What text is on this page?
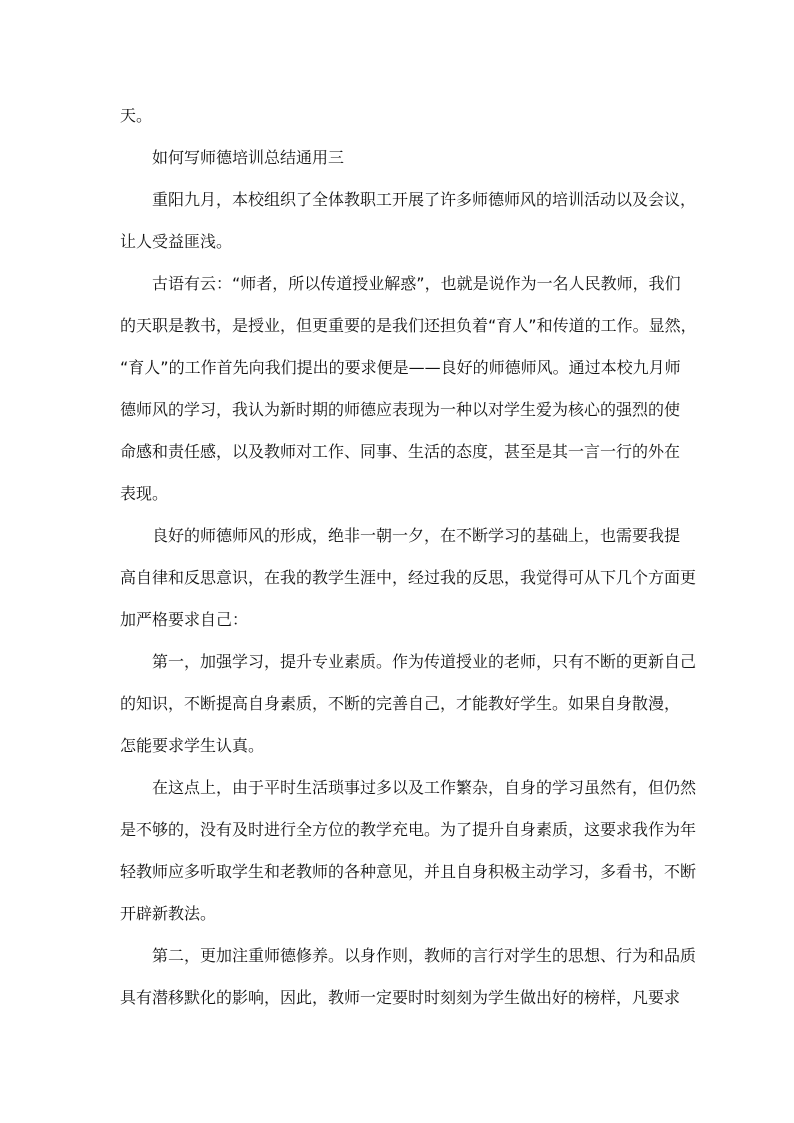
天。
如何写师德培训总结通用三
重阳九月，本校组织了全体教职工开展了许多师德师风的培训活动以及会议，
让人受益匪浅。
古语有云：“师者，所以传道授业解惑”，也就是说作为一名人民教师，我们
的天职是教书，是授业，但更重要的是我们还担负着“育人”和传道的工作。显然，
“育人”的工作首先向我们提出的要求便是——良好的师德师风。通过本校九月师
德师风的学习，我认为新时期的师德应表现为一种以对学生爱为核心的强烈的使
命感和责任感，以及教师对工作、同事、生活的态度，甚至是其一言一行的外在
表现。
良好的师德师风的形成，绝非一朝一夕，在不断学习的基础上，也需要我提
高自律和反思意识，在我的教学生涯中，经过我的反思，我觉得可从下几个方面更
加严格要求自己：
第一，加强学习，提升专业素质。作为传道授业的老师，只有不断的更新自己
的知识，不断提高自身素质，不断的完善自己，才能教好学生。如果自身散漫，
怎能要求学生认真。
在这点上，由于平时生活琐事过多以及工作繁杂，自身的学习虽然有，但仍然
是不够的，没有及时进行全方位的教学充电。为了提升自身素质，这要求我作为年
轻教师应多听取学生和老教师的各种意见，并且自身积极主动学习，多看书，不断
开辟新教法。
第二，更加注重师德修养。以身作则，教师的言行对学生的思想、行为和品质
具有潜移默化的影响，因此，教师一定要时时刻刻为学生做出好的榜样，凡要求
